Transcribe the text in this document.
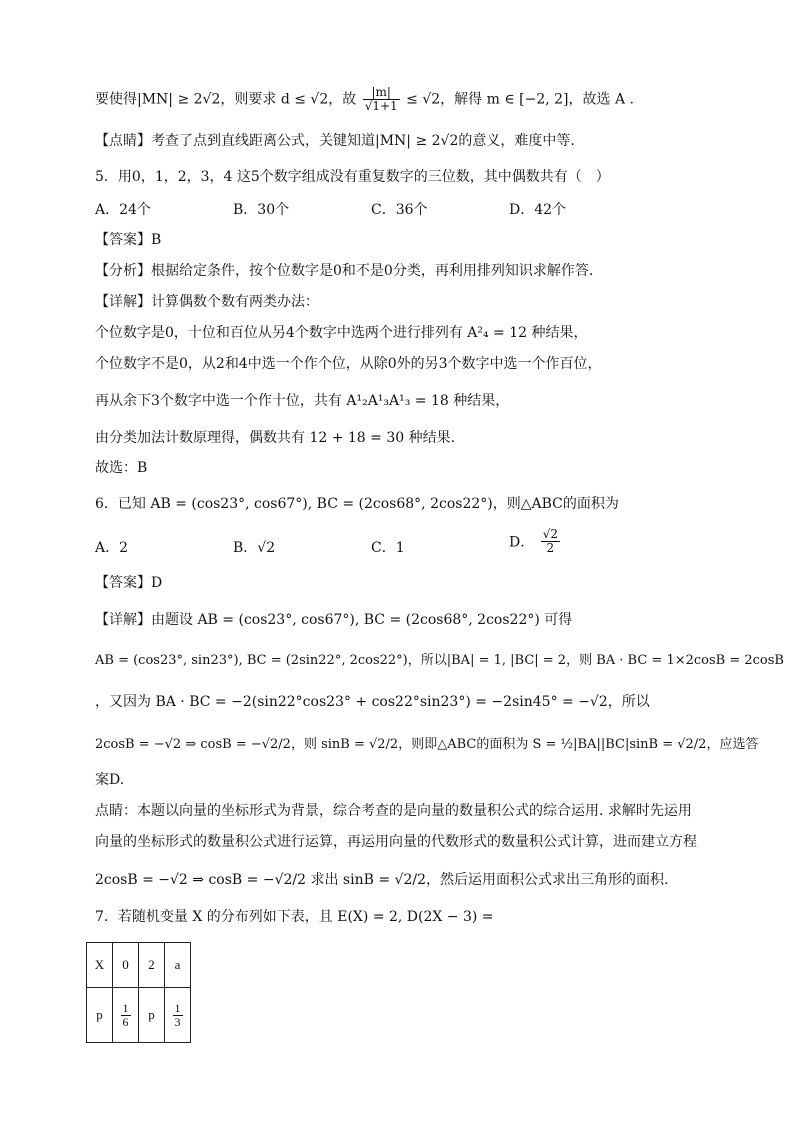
要使得|MN| ≥ 2√2，则要求 d ≤ √2，故 $\frac{|m|}{√1+1} \le √2$，解得 m ∈ [−2, 2]，故选 A .
【点睛】考查了点到直线距离公式，关键知道|MN| ≥ 2√2的意义，难度中等.
5．用0，1，2，3，4 这5个数字组成没有重复数字的三位数，其中偶数共有（　）
A．24个	B．30个	C．36个	D．42个
【答案】B
【分析】根据给定条件，按个位数字是0和不是0分类，再利用排列知识求解作答.
【详解】计算偶数个数有两类办法：
个位数字是0，十位和百位从另4个数字中选两个进行排列有 A²₄ = 12 种结果，
个位数字不是0，从2和4中选一个作个位，从除0外的另3个数字中选一个作百位，
再从余下3个数字中选一个作十位，共有 A¹₂A¹₃A¹₃ = 18 种结果，
由分类加法计数原理得，偶数共有 12 + 18 = 30 种结果.
故选：B
6．已知 AB = (cos23°, cos67°), BC = (2cos68°, 2cos22°)，则△ABC的面积为
A．2	B．√2	C．1	D． $\frac{√2}{2}$
【答案】D
【详解】由题设 AB = (cos23°, cos67°), BC = (2cos68°, 2cos22°) 可得
AB = (cos23°, sin23°), BC = (2sin22°, 2cos22°)，所以|BA| = 1, |BC| = 2，则 BA · BC = 1×2cosB = 2cosB
，又因为 BA · BC = −2(sin22°cos23° + cos22°sin23°) = −2sin45° = −√2，所以
2cosB = −√2 ⇒ cosB = −√2/2，则 sinB = √2/2，则即△ABC的面积为 S = ½|BA||BC|sinB = √2/2，应选答
案D.
点睛：本题以向量的坐标形式为背景，综合考查的是向量的数量积公式的综合运用. 求解时先运用
向量的坐标形式的数量积公式进行运算，再运用向量的代数形式的数量积公式计算，进而建立方程
2cosB = −√2 ⇒ cosB = −√2/2 求出 sinB = √2/2，然后运用面积公式求出三角形的面积.
7．若随机变量 X 的分布列如下表，且 E(X) = 2, D(2X − 3) =
X	0	2	a
p	$\frac{1}{6}$	p	$\frac{1}{3}$
